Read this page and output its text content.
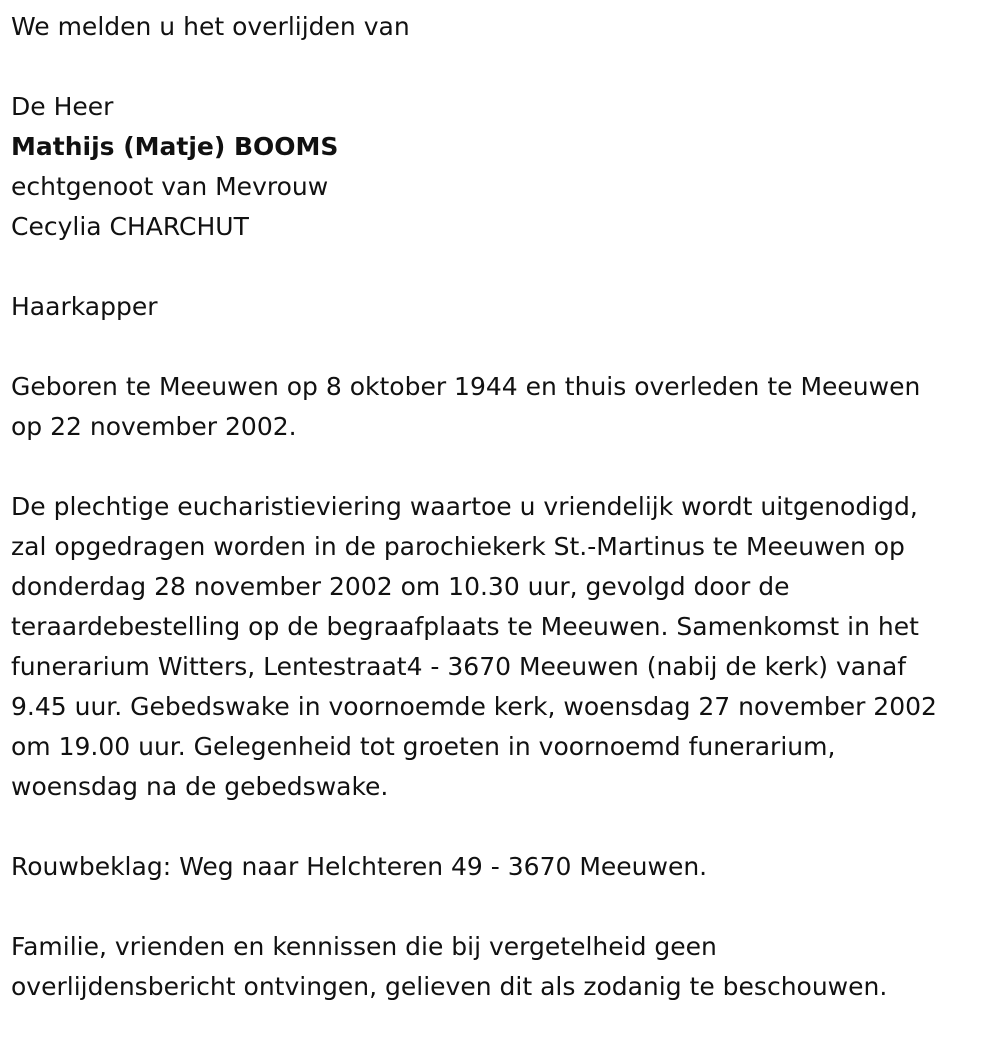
We melden u het overlijden van

De Heer

Mathijs (Matje) BOOMS

echtgenoot van Mevrouw

Cecylia CHARCHUT

Haarkapper

Geboren te Meeuwen op 8 oktober 1944 en thuis overleden te Meeuwen

op 22 november 2002.

De plechtige eucharistieviering waartoe u vriendelijk wordt uitgenodigd,

zal opgedragen worden in de parochiekerk St.-Martinus te Meeuwen op

donderdag 28 november 2002 om 10.30 uur, gevolgd door de

teraardebestelling op de begraafplaats te Meeuwen. Samenkomst in het

funerarium Witters, Lentestraat4 - 3670 Meeuwen (nabij de kerk) vanaf

9.45 uur. Gebedswake in voornoemde kerk, woensdag 27 november 2002

om 19.00 uur. Gelegenheid tot groeten in voornoemd funerarium,

woensdag na de gebedswake.

Rouwbeklag: Weg naar Helchteren 49 - 3670 Meeuwen.

Familie, vrienden en kennissen die bij vergetelheid geen

overlijdensbericht ontvingen, gelieven dit als zodanig te beschouwen.
